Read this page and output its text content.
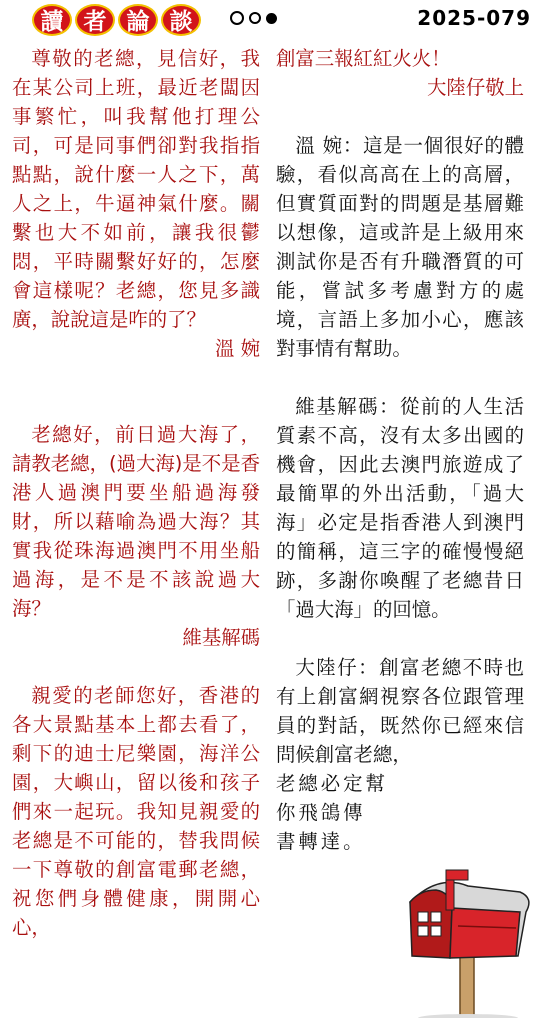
讀 者 論 談	2025-079

尊敬的老總，見信好，我在某公司上班，最近老闆因事繁忙，叫我幫他打理公司，可是同事們卻對我指指點點，說什麼一人之下，萬人之上，牛逼神氣什麼。關繫也大不如前，讓我很鬱悶，平時關繫好好的，怎麼會這樣呢？老總，您見多識廣，說說這是咋的了？

溫 婉

老總好，前日過大海了，請教老總，(過大海)是不是香港人過澳門要坐船過海發財，所以藉喻為過大海？其實我從珠海過澳門不用坐船過海，是不是不該說過大海？

維基解碼

親愛的老師您好，香港的各大景點基本上都去看了，剩下的迪士尼樂園，海洋公園，大嶼山，留以後和孩子們來一起玩。我知見親愛的老總是不可能的，替我問候一下尊敬的創富電郵老總，祝您們身體健康，開開心心，

創富三報紅紅火火！

大陸仔敬上

溫 婉：這是一個很好的體驗，看似高高在上的高層，但實質面對的問題是基層難以想像，這或許是上級用來測試你是否有升職潛質的可能，嘗試多考慮對方的處境，言語上多加小心，應該對事情有幫助。

維基解碼：從前的人生活質素不高，沒有太多出國的機會，因此去澳門旅遊成了最簡單的外出活動，「過大海」必定是指香港人到澳門的簡稱，這三字的確慢慢絕跡，多謝你喚醒了老總昔日「過大海」的回憶。

大陸仔：創富老總不時也有上創富網視察各位跟管理員的對話，既然你已經來信問候創富老總，

老總必定幫
你飛鴿傳
書轉達。
